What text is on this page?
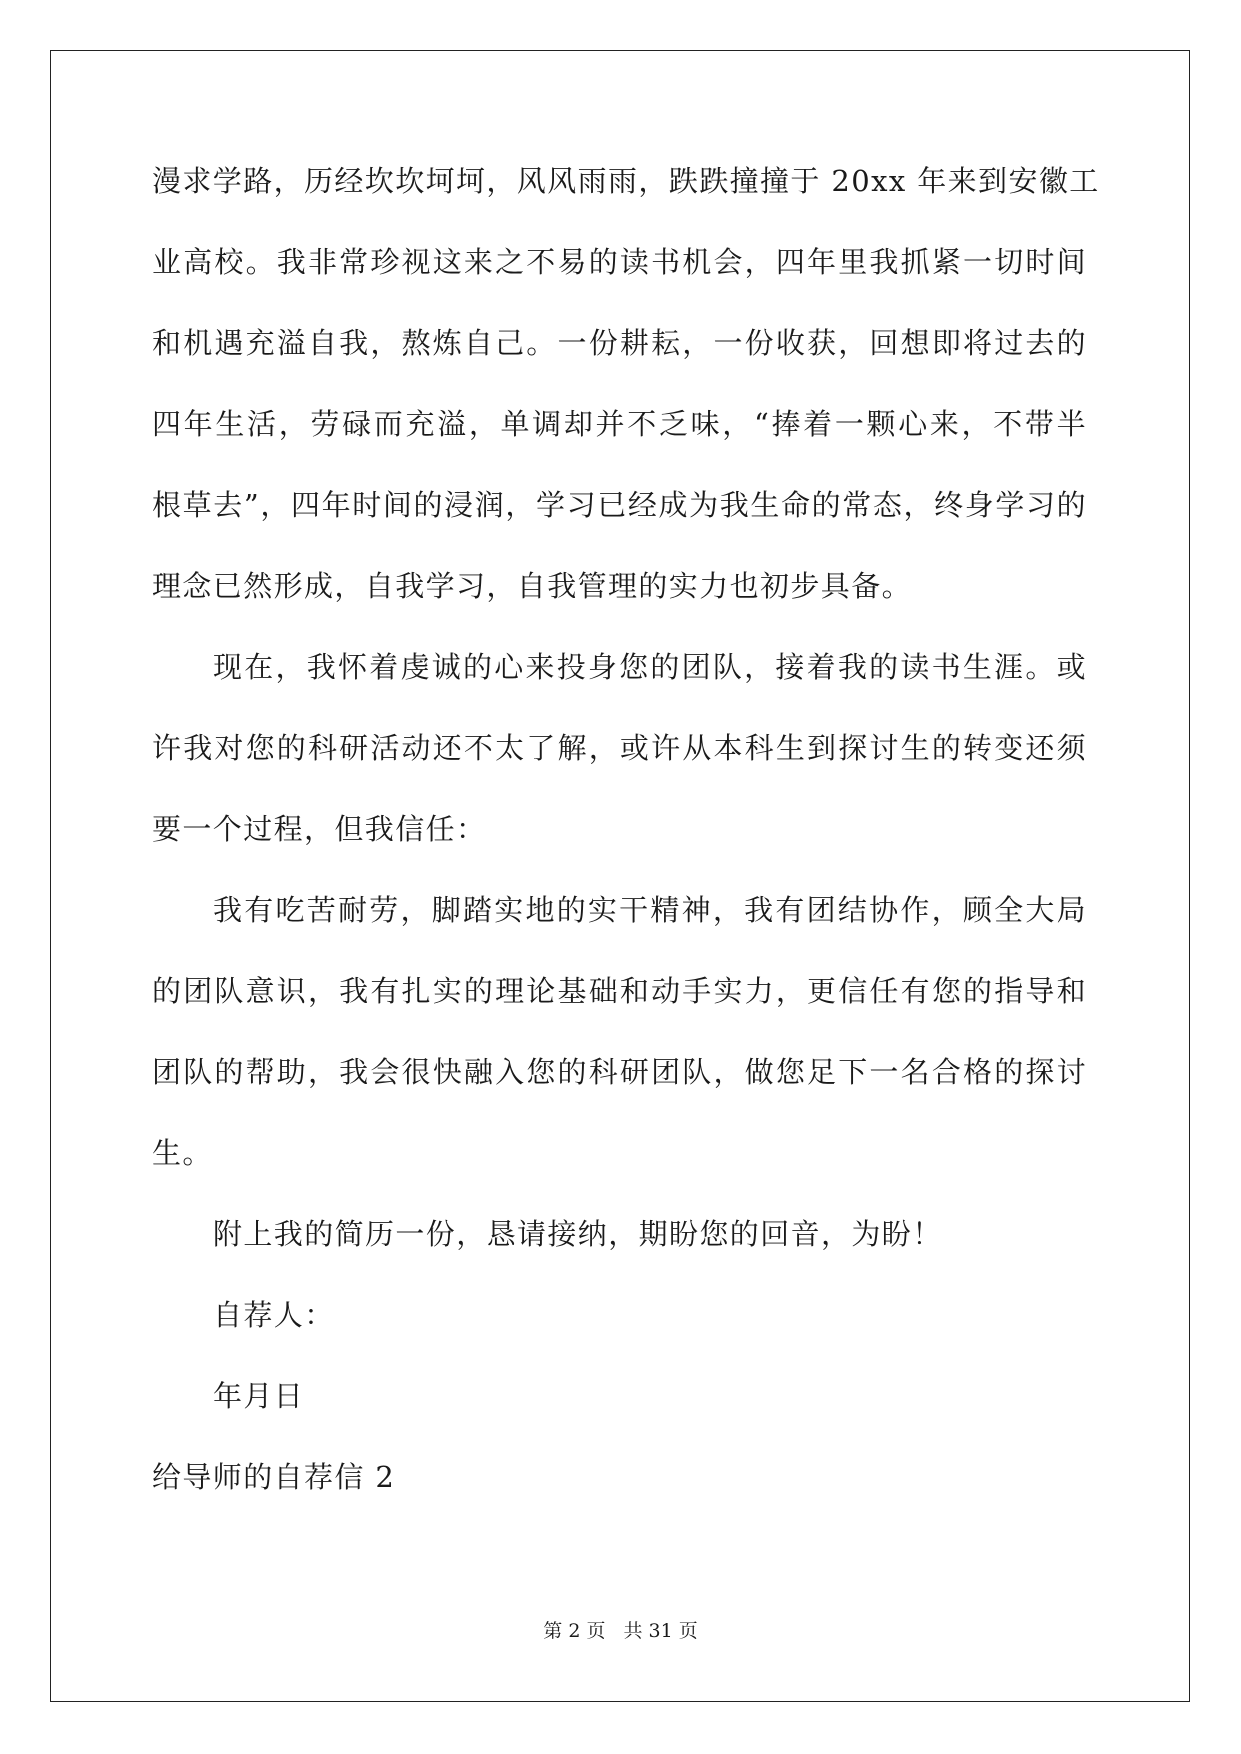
漫求学路，历经坎坎坷坷，风风雨雨，跌跌撞撞于 20xx 年来到安徽工
业高校。我非常珍视这来之不易的读书机会，四年里我抓紧一切时间
和机遇充溢自我，熬炼自己。一份耕耘，一份收获，回想即将过去的
四年生活，劳碌而充溢，单调却并不乏味，“捧着一颗心来，不带半
根草去”，四年时间的浸润，学习已经成为我生命的常态，终身学习的
理念已然形成，自我学习，自我管理的实力也初步具备。
现在，我怀着虔诚的心来投身您的团队，接着我的读书生涯。或
许我对您的科研活动还不太了解，或许从本科生到探讨生的转变还须
要一个过程，但我信任：
我有吃苦耐劳，脚踏实地的实干精神，我有团结协作，顾全大局
的团队意识，我有扎实的理论基础和动手实力，更信任有您的指导和
团队的帮助，我会很快融入您的科研团队，做您足下一名合格的探讨
生。
附上我的简历一份，恳请接纳，期盼您的回音，为盼！
自荐人：
年月日
给导师的自荐信 2
第 2 页 共 31 页
